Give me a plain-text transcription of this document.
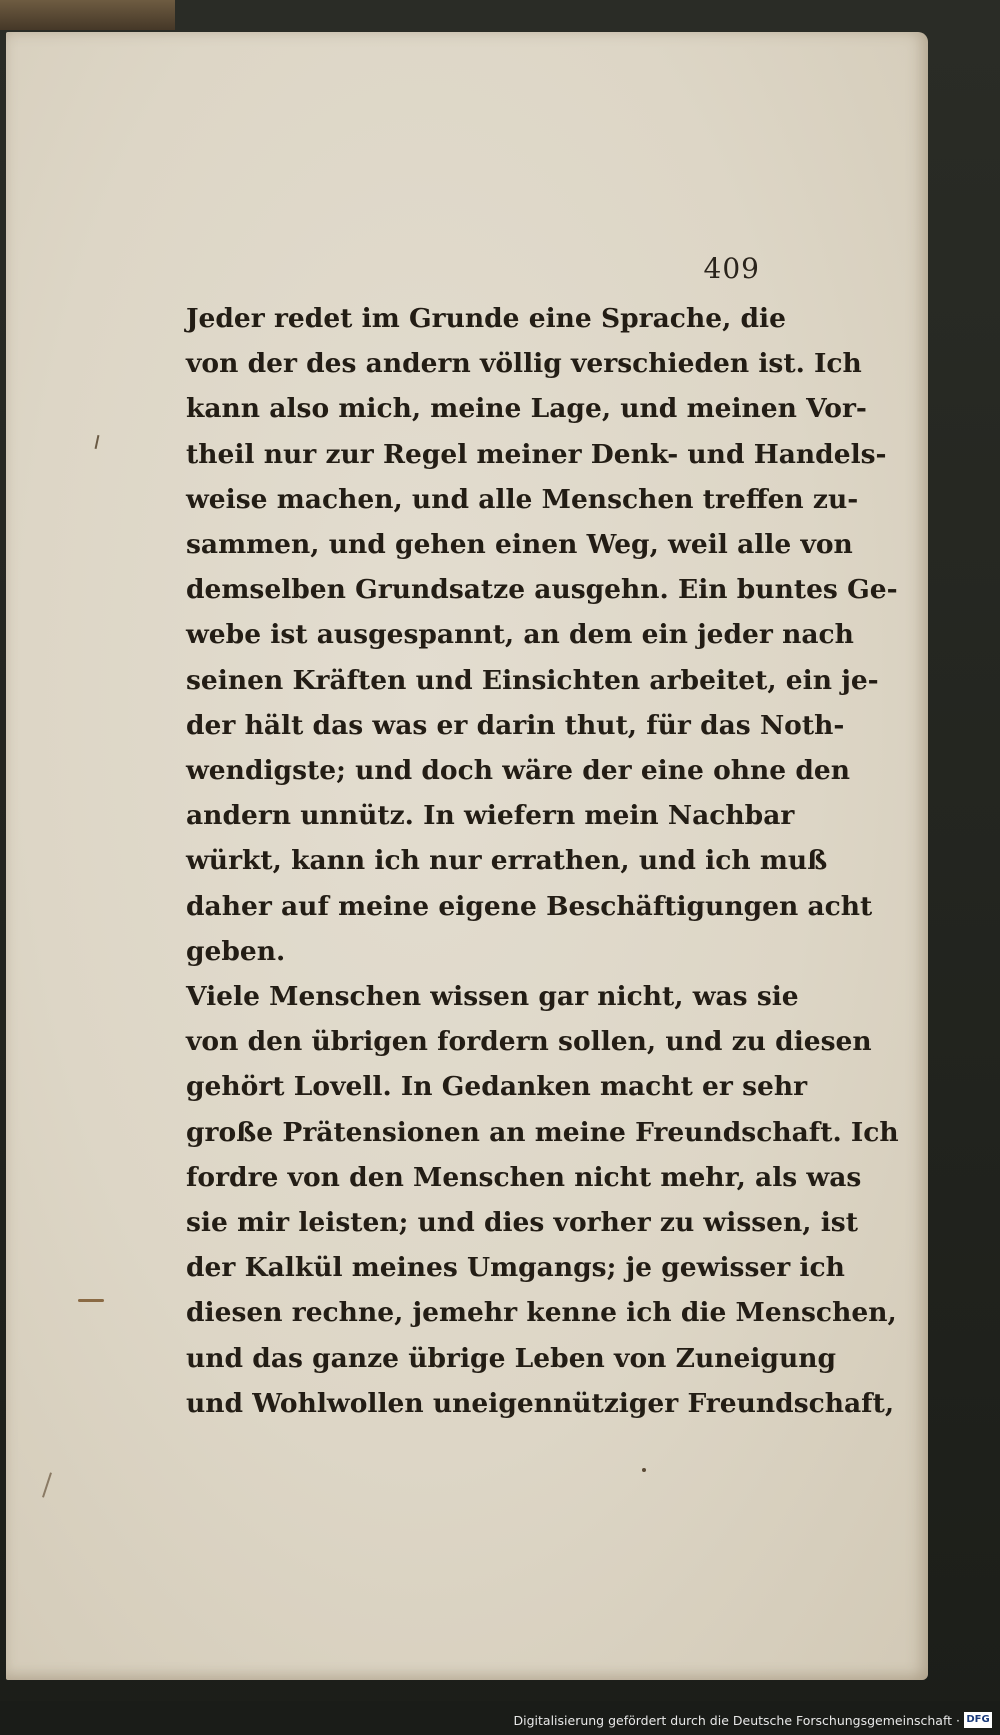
409

Jeder redet im Grunde eine Sprache, die
von der des andern völlig verschieden ist. Ich
kann also mich, meine Lage, und meinen Vor-
theil nur zur Regel meiner Denk- und Handels-
weise machen, und alle Menschen treffen zu-
sammen, und gehen einen Weg, weil alle von
demselben Grundsatze ausgehn. Ein buntes Ge-
webe ist ausgespannt, an dem ein jeder nach
seinen Kräften und Einsichten arbeitet, ein je-
der hält das was er darin thut, für das Noth-
wendigste; und doch wäre der eine ohne den
andern unnütz. In wiefern mein Nachbar
würkt, kann ich nur errathen, und ich muß
daher auf meine eigene Beschäftigungen acht
geben.

Viele Menschen wissen gar nicht, was sie
von den übrigen fordern sollen, und zu diesen
gehört Lovell. In Gedanken macht er sehr
große Prätensionen an meine Freundschaft. Ich
fordre von den Menschen nicht mehr, als was
sie mir leisten; und dies vorher zu wissen, ist
der Kalkül meines Umgangs; je gewisser ich
diesen rechne, jemehr kenne ich die Menschen,
und das ganze übrige Leben von Zuneigung
und Wohlwollen uneigennütziger Freundschaft,

Digitalisierung gefördert durch die Deutsche Forschungsgemeinschaft · DFG
